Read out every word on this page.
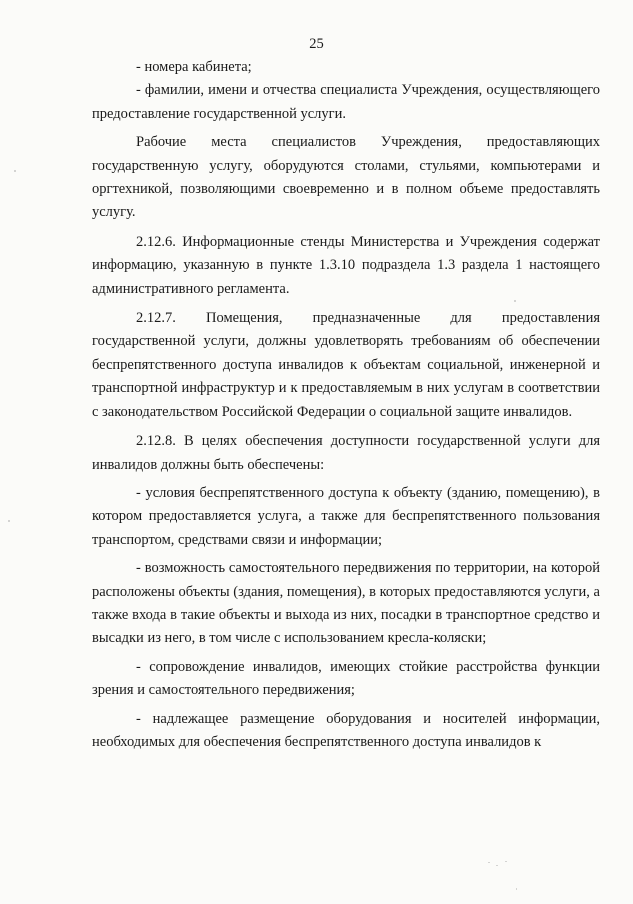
25

- номера кабинета;

- фамилии, имени и отчества специалиста Учреждения, осуществляющего предоставление государственной услуги.

Рабочие места специалистов Учреждения, предоставляющих государственную услугу, оборудуются столами, стульями, компьютерами и оргтехникой, позволяющими своевременно и в полном объеме предоставлять услугу.

2.12.6. Информационные стенды Министерства и Учреждения содержат информацию, указанную в пункте 1.3.10 подраздела 1.3 раздела 1 настоящего административного регламента.

2.12.7. Помещения, предназначенные для предоставления государственной услуги, должны удовлетворять требованиям об обеспечении беспрепятственного доступа инвалидов к объектам социальной, инженерной и транспортной инфраструктур и к предоставляемым в них услугам в соответствии с законодательством Российской Федерации о социальной защите инвалидов.

2.12.8. В целях обеспечения доступности государственной услуги для инвалидов должны быть обеспечены:

- условия беспрепятственного доступа к объекту (зданию, помещению), в котором предоставляется услуга, а также для беспрепятственного пользования транспортом, средствами связи и информации;

- возможность самостоятельного передвижения по территории, на которой расположены объекты (здания, помещения), в которых предоставляются услуги, а также входа в такие объекты и выхода из них, посадки в транспортное средство и высадки из него, в том числе с использованием кресла-коляски;

- сопровождение инвалидов, имеющих стойкие расстройства функции зрения и самостоятельного передвижения;

- надлежащее размещение оборудования и носителей информации, необходимых для обеспечения беспрепятственного доступа инвалидов к
